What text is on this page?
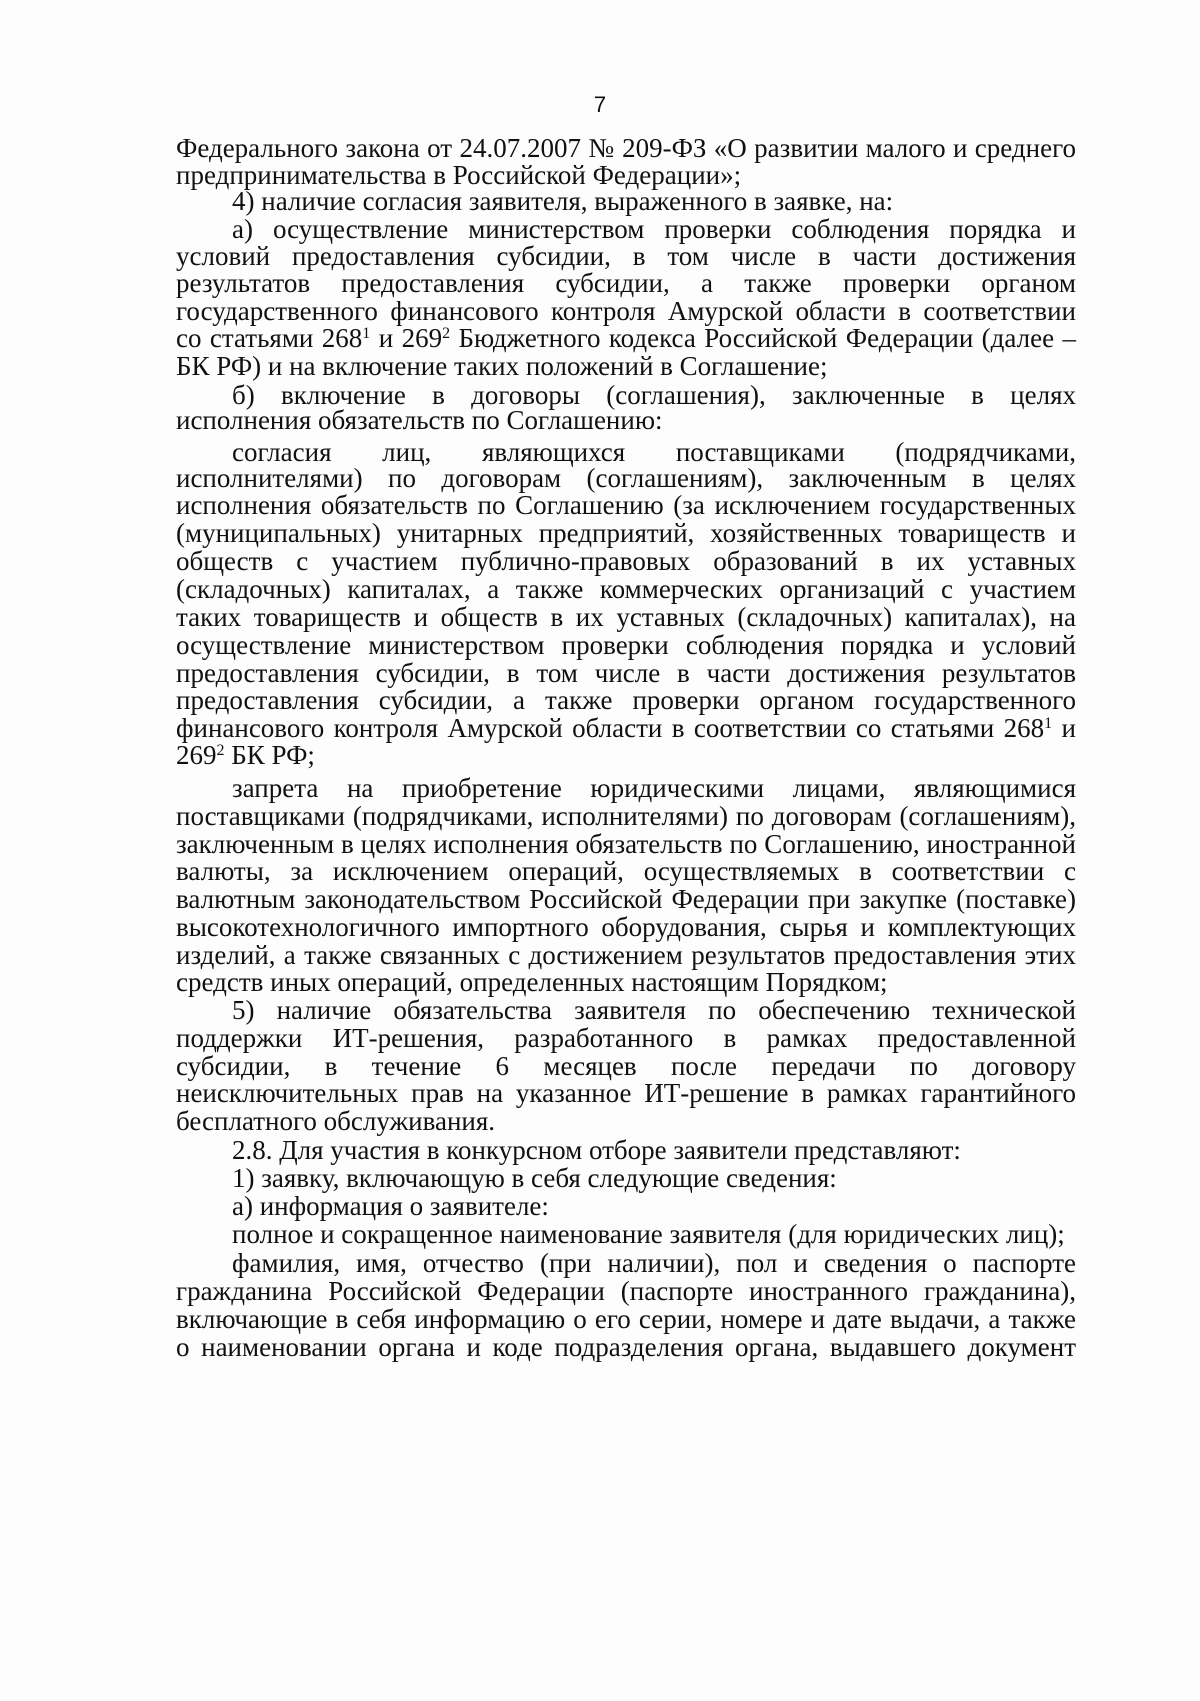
7
Федерального закона от 24.07.2007 № 209-ФЗ «О развитии малого и среднего
предпринимательства в Российской Федерации»;
4) наличие согласия заявителя, выраженного в заявке, на:
а) осуществление министерством проверки соблюдения порядка и
условий предоставления субсидии, в том числе в части достижения
результатов предоставления субсидии, а также проверки органом
государственного финансового контроля Амурской области в соответствии
со статьями $268^1$ и $269^2$ Бюджетного кодекса Российской Федерации (далее –
БК РФ) и на включение таких положений в Соглашение;
б) включение в договоры (соглашения), заключенные в целях
исполнения обязательств по Соглашению:
согласия лиц, являющихся поставщиками (подрядчиками,
исполнителями) по договорам (соглашениям), заключенным в целях
исполнения обязательств по Соглашению (за исключением государственных
(муниципальных) унитарных предприятий, хозяйственных товариществ и
обществ с участием публично-правовых образований в их уставных
(складочных) капиталах, а также коммерческих организаций с участием
таких товариществ и обществ в их уставных (складочных) капиталах), на
осуществление министерством проверки соблюдения порядка и условий
предоставления субсидии, в том числе в части достижения результатов
предоставления субсидии, а также проверки органом государственного
финансового контроля Амурской области в соответствии со статьями $268^1$ и
$269^2$ БК РФ;
запрета на приобретение юридическими лицами, являющимися
поставщиками (подрядчиками, исполнителями) по договорам (соглашениям),
заключенным в целях исполнения обязательств по Соглашению, иностранной
валюты, за исключением операций, осуществляемых в соответствии с
валютным законодательством Российской Федерации при закупке (поставке)
высокотехнологичного импортного оборудования, сырья и комплектующих
изделий, а также связанных с достижением результатов предоставления этих
средств иных операций, определенных настоящим Порядком;
5) наличие обязательства заявителя по обеспечению технической
поддержки ИТ-решения, разработанного в рамках предоставленной
субсидии, в течение 6 месяцев после передачи по договору
неисключительных прав на указанное ИТ-решение в рамках гарантийного
бесплатного обслуживания.
2.8. Для участия в конкурсном отборе заявители представляют:
1) заявку, включающую в себя следующие сведения:
а) информация о заявителе:
полное и сокращенное наименование заявителя (для юридических лиц);
фамилия, имя, отчество (при наличии), пол и сведения о паспорте
гражданина Российской Федерации (паспорте иностранного гражданина),
включающие в себя информацию о его серии, номере и дате выдачи, а также
о наименовании органа и коде подразделения органа, выдавшего документ
